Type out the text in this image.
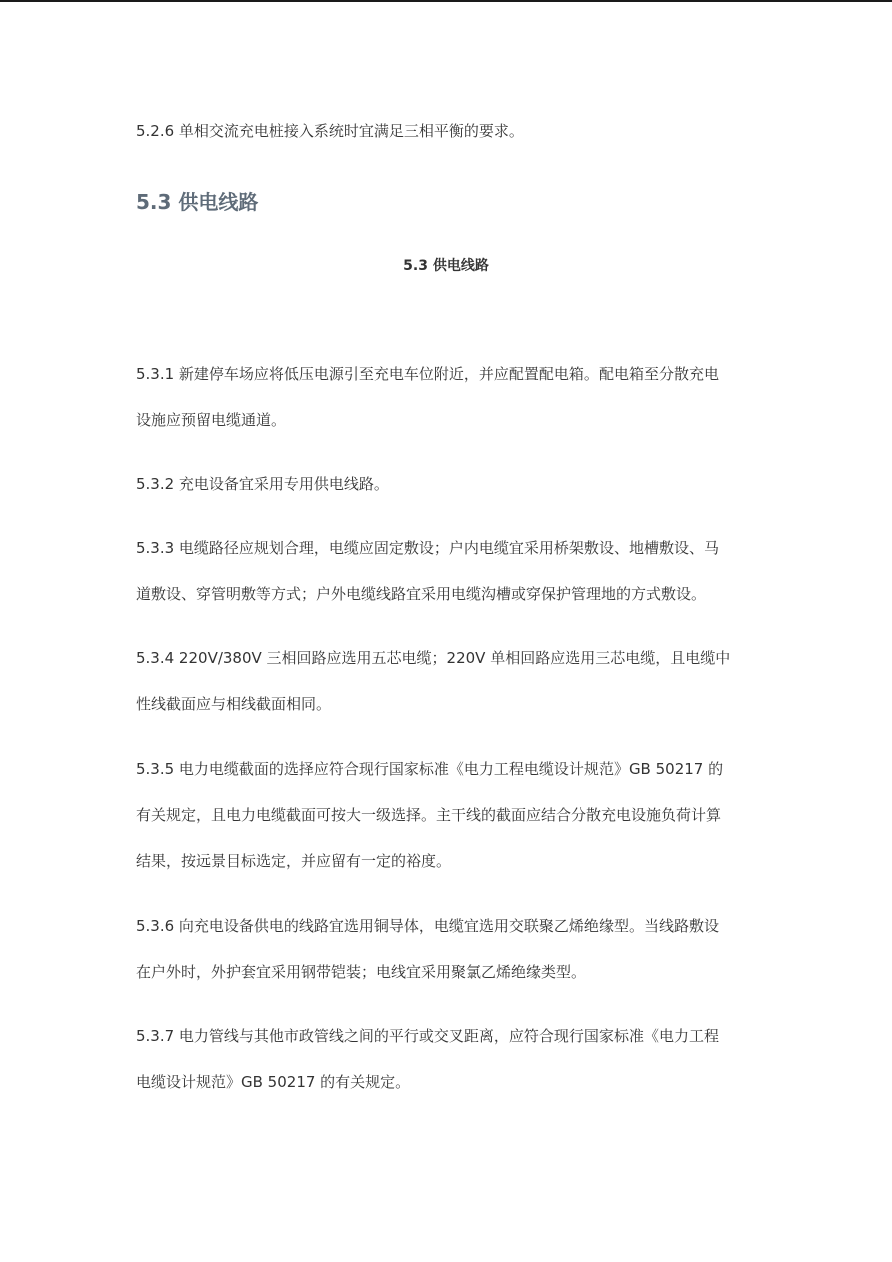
5.2.6 单相交流充电桩接入系统时宜满足三相平衡的要求。

5.3 供电线路
5.3 供电线路

5.3.1 新建停车场应将低压电源引至充电车位附近，并应配置配电箱。配电箱至分散充电
设施应预留电缆通道。

5.3.2 充电设备宜采用专用供电线路。

5.3.3 电缆路径应规划合理，电缆应固定敷设；户内电缆宜采用桥架敷设、地槽敷设、马
道敷设、穿管明敷等方式；户外电缆线路宜采用电缆沟槽或穿保护管理地的方式敷设。

5.3.4 220V/380V 三相回路应选用五芯电缆；220V 单相回路应选用三芯电缆，且电缆中
性线截面应与相线截面相同。

5.3.5 电力电缆截面的选择应符合现行国家标准《电力工程电缆设计规范》GB 50217 的
有关规定，且电力电缆截面可按大一级选择。主干线的截面应结合分散充电设施负荷计算
结果，按远景目标选定，并应留有一定的裕度。

5.3.6 向充电设备供电的线路宜选用铜导体，电缆宜选用交联聚乙烯绝缘型。当线路敷设
在户外时，外护套宜采用钢带铠装；电线宜采用聚氯乙烯绝缘类型。

5.3.7 电力管线与其他市政管线之间的平行或交叉距离，应符合现行国家标准《电力工程
电缆设计规范》GB 50217 的有关规定。
